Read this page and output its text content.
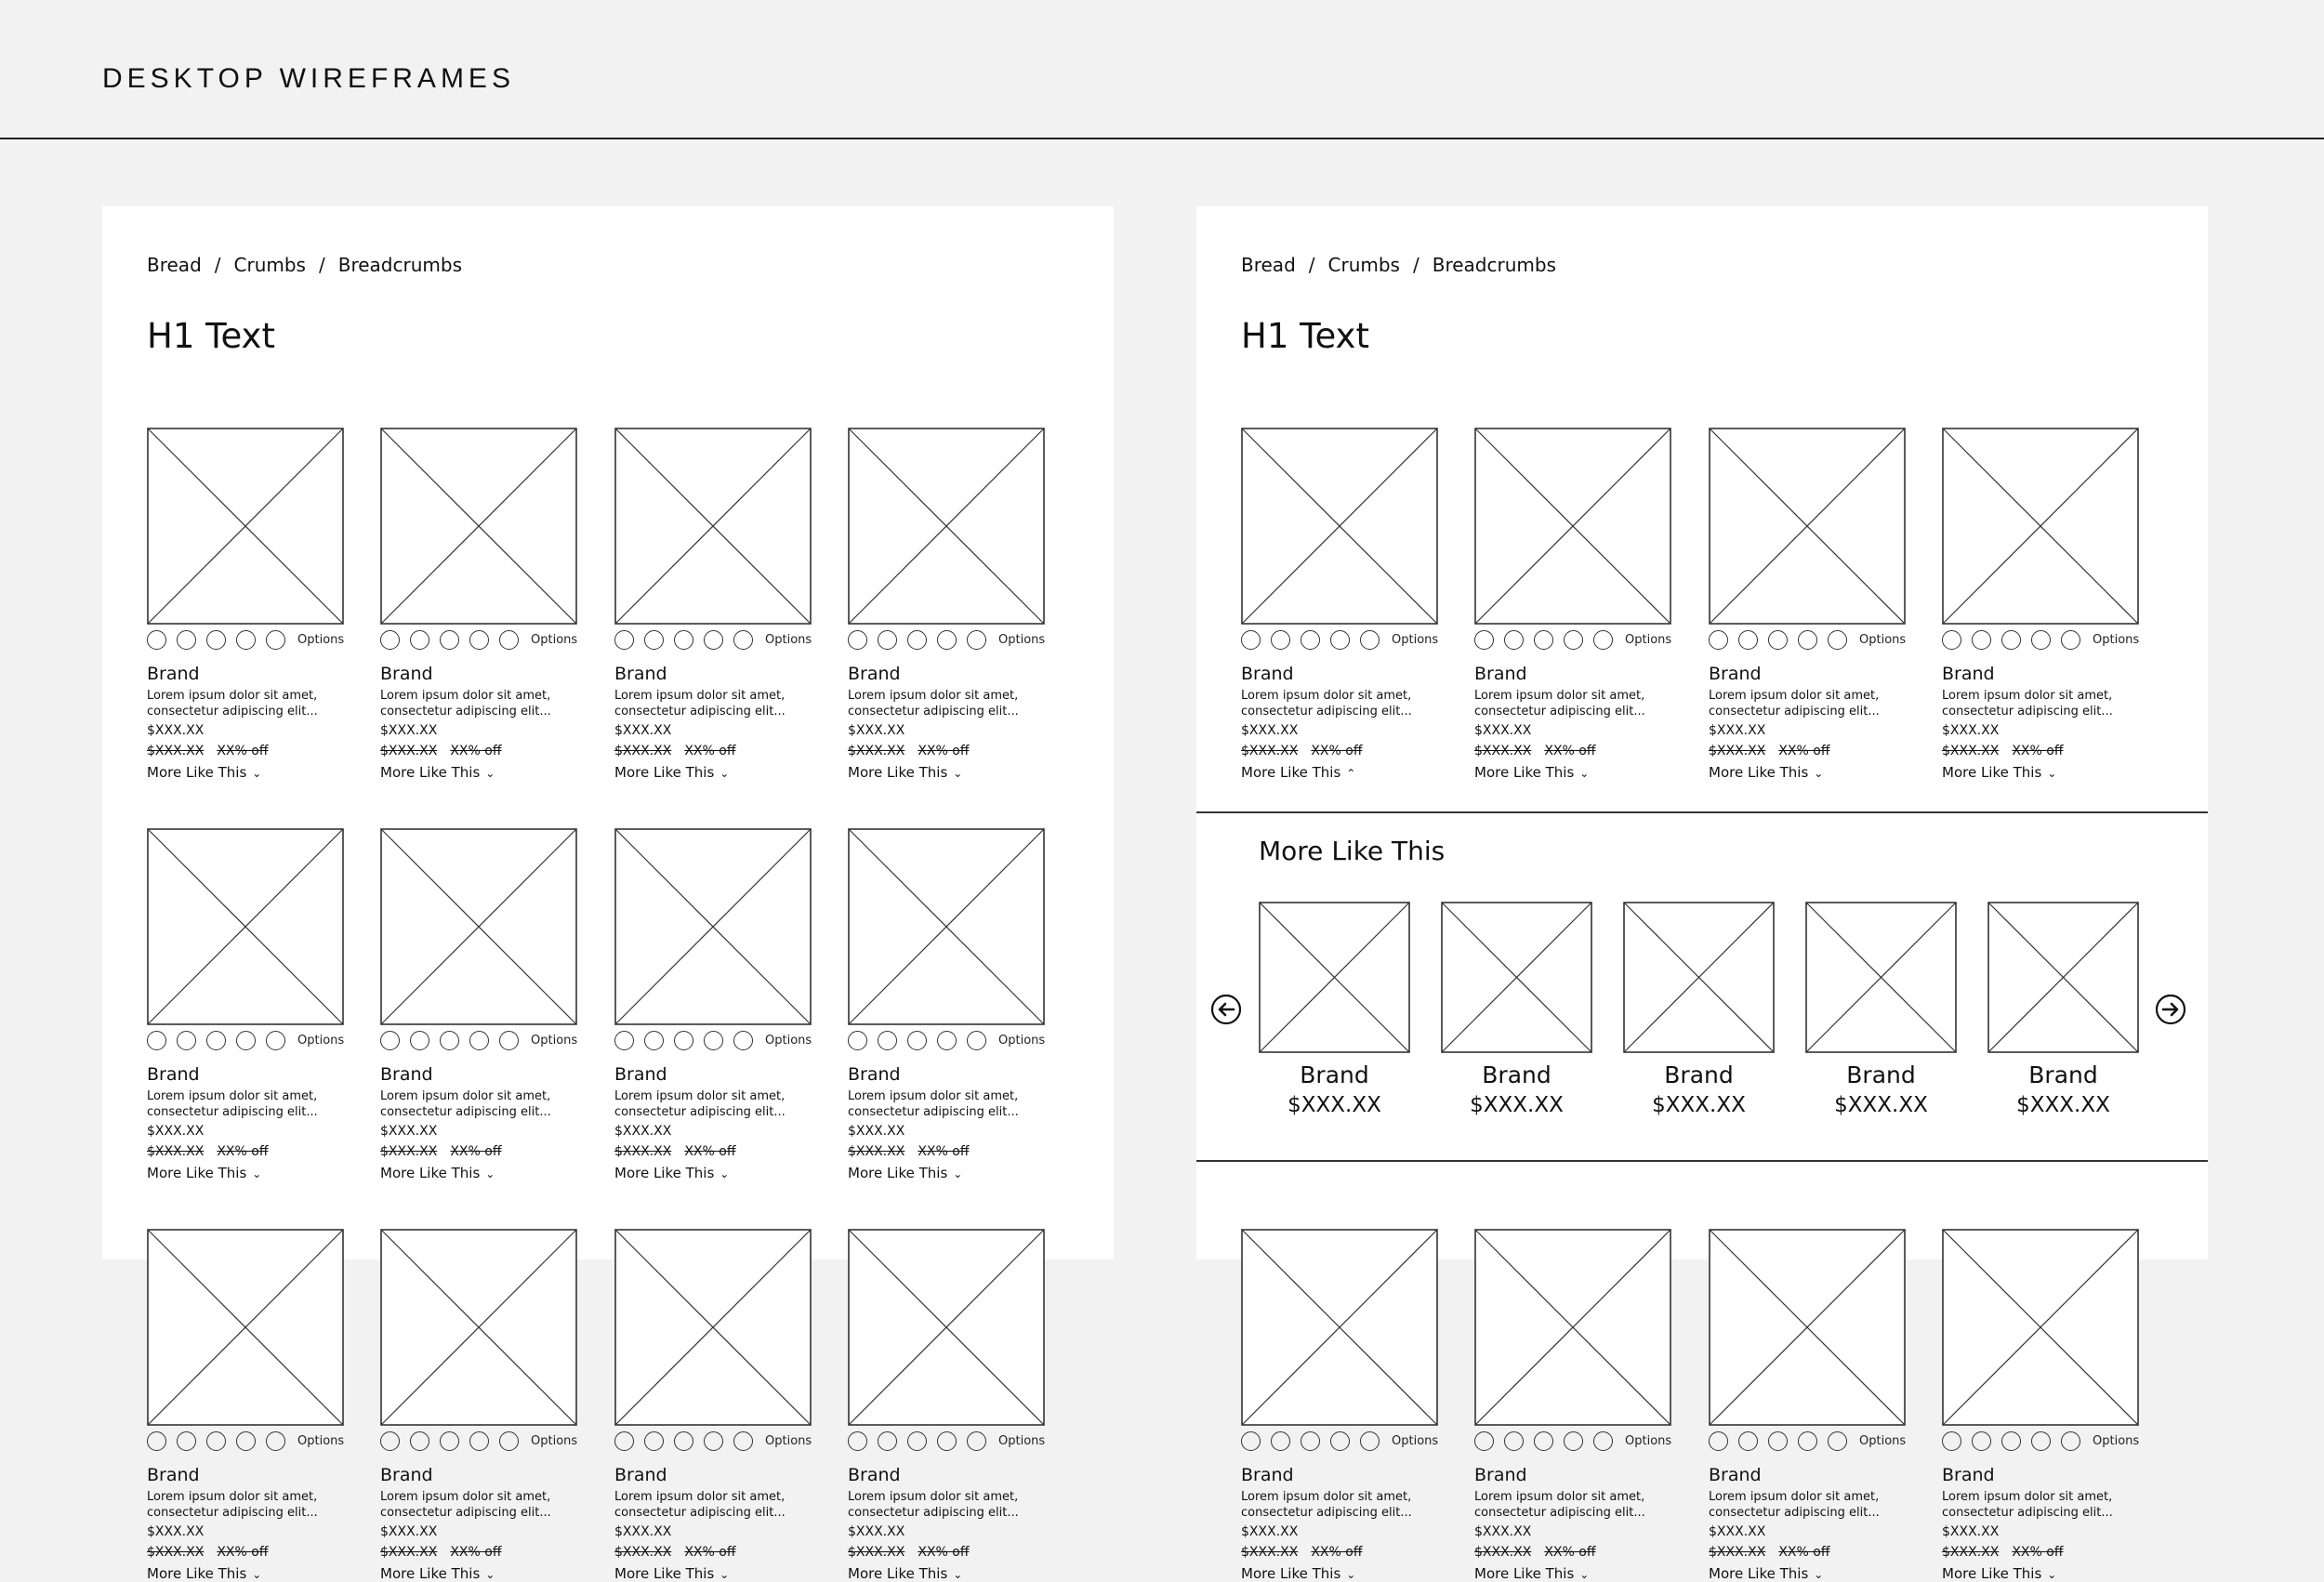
DESKTOP WIREFRAMES
Bread / Crumbs / Breadcrumbs
H1 Text
Options
Brand
Lorem ipsum dolor sit amet,
consectetur adipiscing elit...
$XXX.XX
$XXX.XX XX% off
More Like This ⌄
Options
Brand
Lorem ipsum dolor sit amet,
consectetur adipiscing elit...
$XXX.XX
$XXX.XX XX% off
More Like This ⌄
Options
Brand
Lorem ipsum dolor sit amet,
consectetur adipiscing elit...
$XXX.XX
$XXX.XX XX% off
More Like This ⌄
Options
Brand
Lorem ipsum dolor sit amet,
consectetur adipiscing elit...
$XXX.XX
$XXX.XX XX% off
More Like This ⌄
Options
Brand
Lorem ipsum dolor sit amet,
consectetur adipiscing elit...
$XXX.XX
$XXX.XX XX% off
More Like This ⌄
Options
Brand
Lorem ipsum dolor sit amet,
consectetur adipiscing elit...
$XXX.XX
$XXX.XX XX% off
More Like This ⌄
Options
Brand
Lorem ipsum dolor sit amet,
consectetur adipiscing elit...
$XXX.XX
$XXX.XX XX% off
More Like This ⌄
Options
Brand
Lorem ipsum dolor sit amet,
consectetur adipiscing elit...
$XXX.XX
$XXX.XX XX% off
More Like This ⌄
Options
Brand
Lorem ipsum dolor sit amet,
consectetur adipiscing elit...
$XXX.XX
$XXX.XX XX% off
More Like This ⌄
Options
Brand
Lorem ipsum dolor sit amet,
consectetur adipiscing elit...
$XXX.XX
$XXX.XX XX% off
More Like This ⌄
Options
Brand
Lorem ipsum dolor sit amet,
consectetur adipiscing elit...
$XXX.XX
$XXX.XX XX% off
More Like This ⌄
Options
Brand
Lorem ipsum dolor sit amet,
consectetur adipiscing elit...
$XXX.XX
$XXX.XX XX% off
More Like This ⌄
Bread / Crumbs / Breadcrumbs
H1 Text
Options
Brand
Lorem ipsum dolor sit amet,
consectetur adipiscing elit...
$XXX.XX
$XXX.XX XX% off
More Like This ⌃
Options
Brand
Lorem ipsum dolor sit amet,
consectetur adipiscing elit...
$XXX.XX
$XXX.XX XX% off
More Like This ⌄
Options
Brand
Lorem ipsum dolor sit amet,
consectetur adipiscing elit...
$XXX.XX
$XXX.XX XX% off
More Like This ⌄
Options
Brand
Lorem ipsum dolor sit amet,
consectetur adipiscing elit...
$XXX.XX
$XXX.XX XX% off
More Like This ⌄
More Like This
Brand
$XXX.XX
Brand
$XXX.XX
Brand
$XXX.XX
Brand
$XXX.XX
Brand
$XXX.XX
Options
Brand
Lorem ipsum dolor sit amet,
consectetur adipiscing elit...
$XXX.XX
$XXX.XX XX% off
More Like This ⌄
Options
Brand
Lorem ipsum dolor sit amet,
consectetur adipiscing elit...
$XXX.XX
$XXX.XX XX% off
More Like This ⌄
Options
Brand
Lorem ipsum dolor sit amet,
consectetur adipiscing elit...
$XXX.XX
$XXX.XX XX% off
More Like This ⌄
Options
Brand
Lorem ipsum dolor sit amet,
consectetur adipiscing elit...
$XXX.XX
$XXX.XX XX% off
More Like This ⌄
